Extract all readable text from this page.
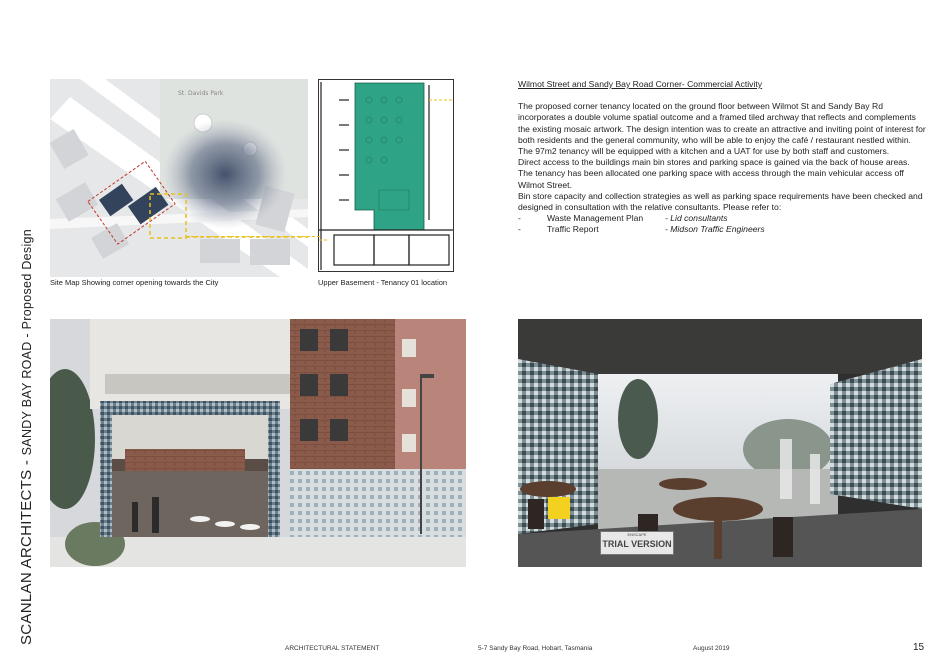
SCANLAN ARCHITECTS - SANDY BAY ROAD - Proposed Design
St. Davids Park
Site Map Showing corner opening towards the City	Upper Basement - Tenancy 01 location

Wilmot Street and Sandy Bay Road Corner- Commercial Activity

The proposed corner tenancy located on the ground floor between Wilmot St and Sandy Bay Rd incorporates a double volume spatial outcome and a framed tiled archway that reflects and complements the existing mosaic artwork. The design intention was to create an attractive and inviting point of interest for both residents and the general community, who will be able to enjoy the café / restaurant nestled within.

The 97m2 tenancy will be equipped with a kitchen and a UAT for use by both staff and customers.

Direct access to the buildings main bin stores and parking space is gained via the back of house areas.

The tenancy has been allocated one parking space with access through the main vehicular access off Wilmot Street.

Bin store capacity and collection strategies as well as parking space requirements have been checked and designed in consultation with the relative consultants. Please refer to:

-	Waste Management Plan	- Lid consultants
-	Traffic Report	- Midson Traffic Engineers
ENSCAPE
TRIAL VERSION
ARCHITECTURAL STATEMENT	5-7 Sandy Bay Road, Hobart, Tasmania	August 2019	15
